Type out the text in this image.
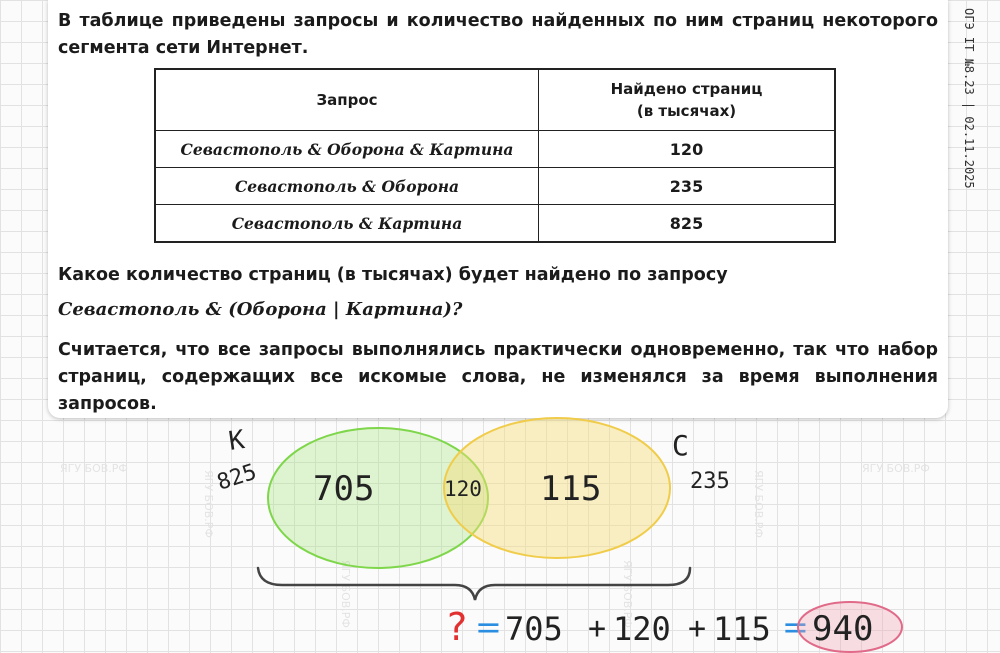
ЯГУ БОВ.РФ	ЯГУ БОВ.РФ
ЯГУ БОВ.РФ	ЯГУ БОВ.РФ
ЯГУ БОВ.РФ	ЯГУ БОВ.РФ
ОГЭ IT №8.23 | 02.11.2025

В таблице приведены запросы и количество найденных по ним страниц некоторого сегмента сети Интернет.

Запрос	Найдено страниц
(в тысячах)
Севастополь & Оборона & Картина	120
Севастополь & Оборона	235
Севастополь & Картина	825

Какое количество страниц (в тысячах) будет найдено по запросу

Севастополь & (Оборона | Картина)?

Считается, что все запросы выполнялись практически одновременно, так что набор страниц, содержащих все искомые слова, не изменялся за время выполнения запросов.

К
825
С
235
705	120 115
? = 705 + 120 + 115 = 940
